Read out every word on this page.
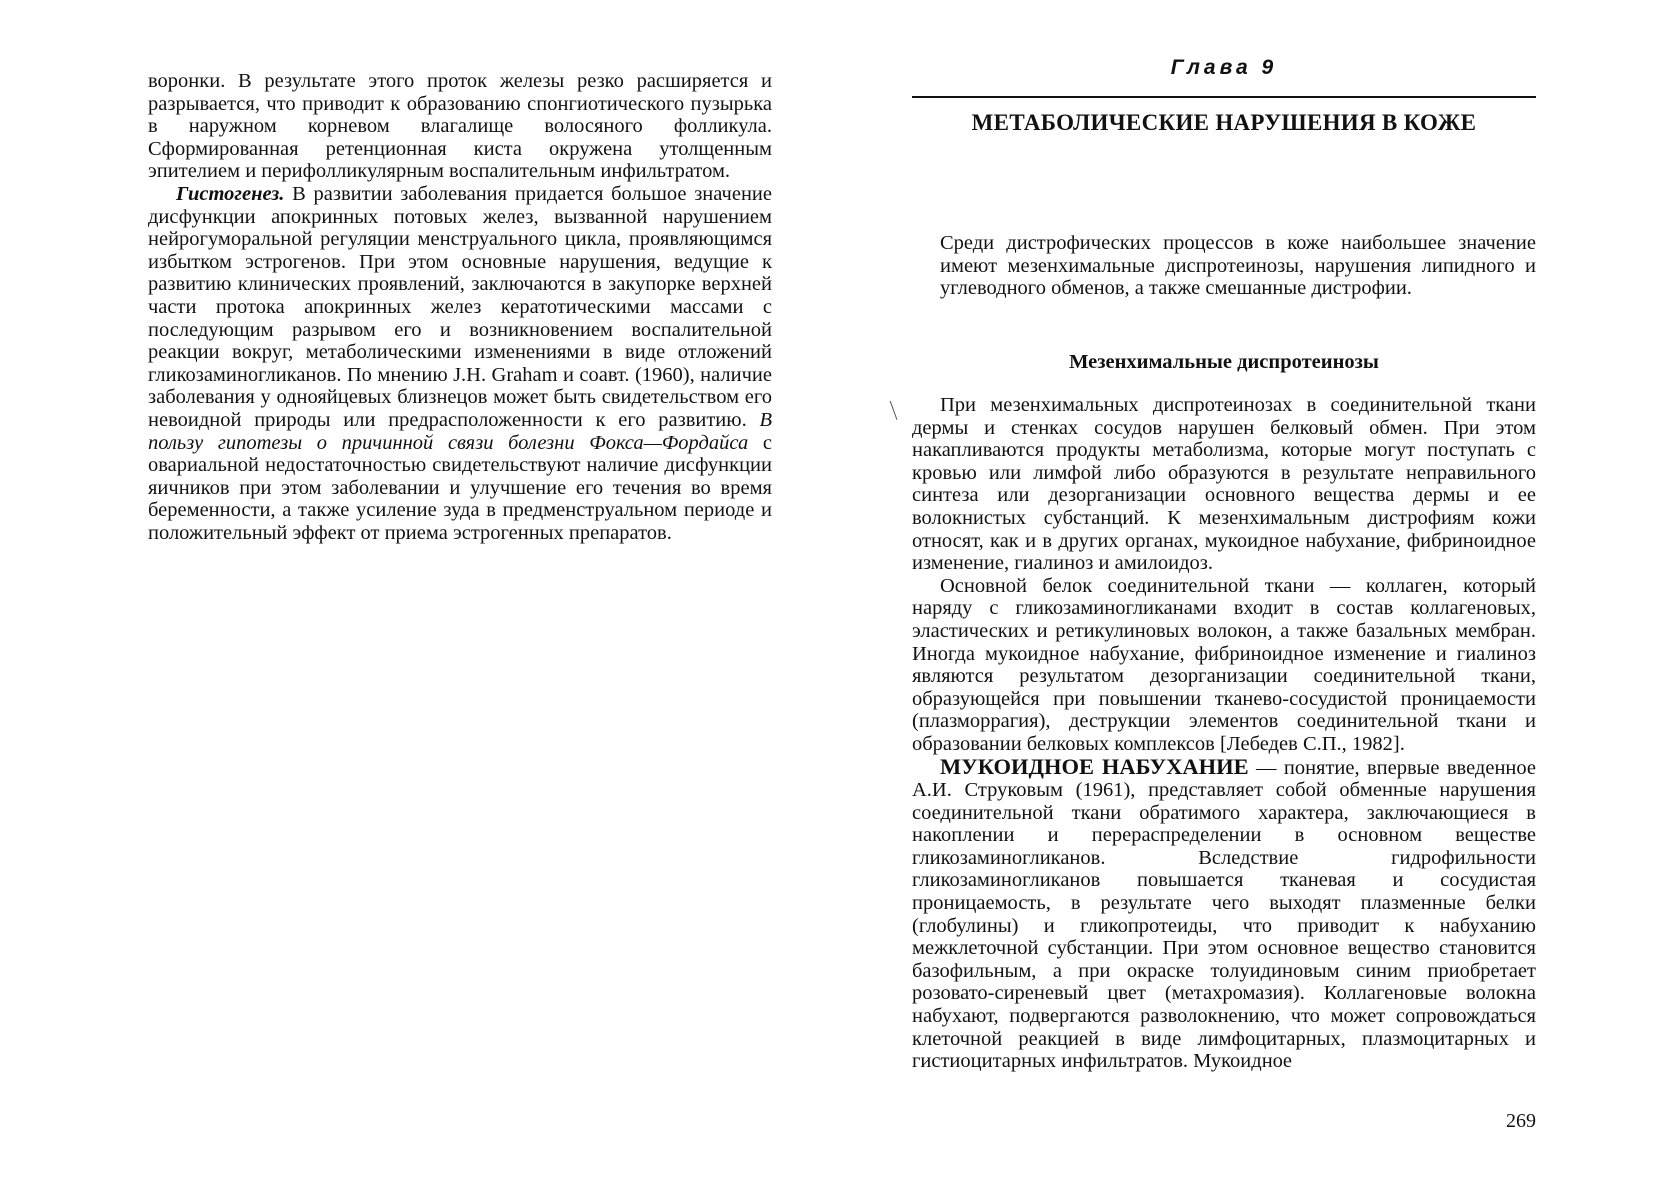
воронки. В результате этого проток железы резко расширяется и разрывается, что приводит к образованию спонгиотического пузырька в наружном корневом влагалище волосяного фолликула. Сформированная ретенционная киста окружена утолщенным эпителием и перифолликулярным воспалительным инфильтратом.

Гистогенез. В развитии заболевания придается большое значение дисфункции апокринных потовых желез, вызванной нарушением нейрогуморальной регуляции менструального цикла, проявляющимся избытком эстрогенов. При этом основные нарушения, ведущие к развитию клинических проявлений, заключаются в закупорке верхней части протока апокринных желез кератотическими массами с последующим разрывом его и возникновением воспалительной реакции вокруг, метаболическими изменениями в виде отложений гликозаминогликанов. По мнению J.H. Graham и соавт. (1960), наличие заболевания у однояйцевых близнецов может быть свидетельством его невоидной природы или предрасположенности к его развитию. В пользу гипотезы о причинной связи болезни Фокса—Фордайса с овариальной недостаточностью свидетельствуют наличие дисфункции яичников при этом заболевании и улучшение его течения во время беременности, а также усиление зуда в предменструальном периоде и положительный эффект от приема эстрогенных препаратов.

Глава 9
МЕТАБОЛИЧЕСКИЕ НАРУШЕНИЯ В КОЖЕ

Среди дистрофических процессов в коже наибольшее значение имеют мезенхимальные диспротеинозы, нарушения липидного и углеводного обменов, а также смешанные дистрофии.

Мезенхимальные диспротеинозы

При мезенхимальных диспротеинозах в соединительной ткани дермы и стенках сосудов нарушен белковый обмен. При этом накапливаются продукты метаболизма, которые могут поступать с кровью или лимфой либо образуются в результате неправильного синтеза или дезорганизации основного вещества дермы и ее волокнистых субстанций. К мезенхимальным дистрофиям кожи относят, как и в других органах, мукоидное набухание, фибриноидное изменение, гиалиноз и амилоидоз.

Основной белок соединительной ткани — коллаген, который наряду с гликозаминогликанами входит в состав коллагеновых, эластических и ретикулиновых волокон, а также базальных мембран. Иногда мукоидное набухание, фибриноидное изменение и гиалиноз являются результатом дезорганизации соединительной ткани, образующейся при повышении тканево-сосудистой проницаемости (плазморрагия), деструкции элементов соединительной ткани и образовании белковых комплексов [Лебедев С.П., 1982].

МУКОИДНОЕ НАБУХАНИЕ — понятие, впервые введенное А.И. Струковым (1961), представляет собой обменные нарушения соединительной ткани обратимого характера, заключающиеся в накоплении и перераспределении в основном веществе гликозаминогликанов. Вследствие гидрофильности гликозаминогликанов повышается тканевая и сосудистая проницаемость, в результате чего выходят плазменные белки (глобулины) и гликопротеиды, что приводит к набуханию межклеточной субстанции. При этом основное вещество становится базофильным, а при окраске толуидиновым синим приобретает розовато-сиреневый цвет (метахромазия). Коллагеновые волокна набухают, подвергаются разволокнению, что может сопровождаться клеточной реакцией в виде лимфоцитарных, плазмоцитарных и гистиоцитарных инфильтратов. Мукоиднoe

269
